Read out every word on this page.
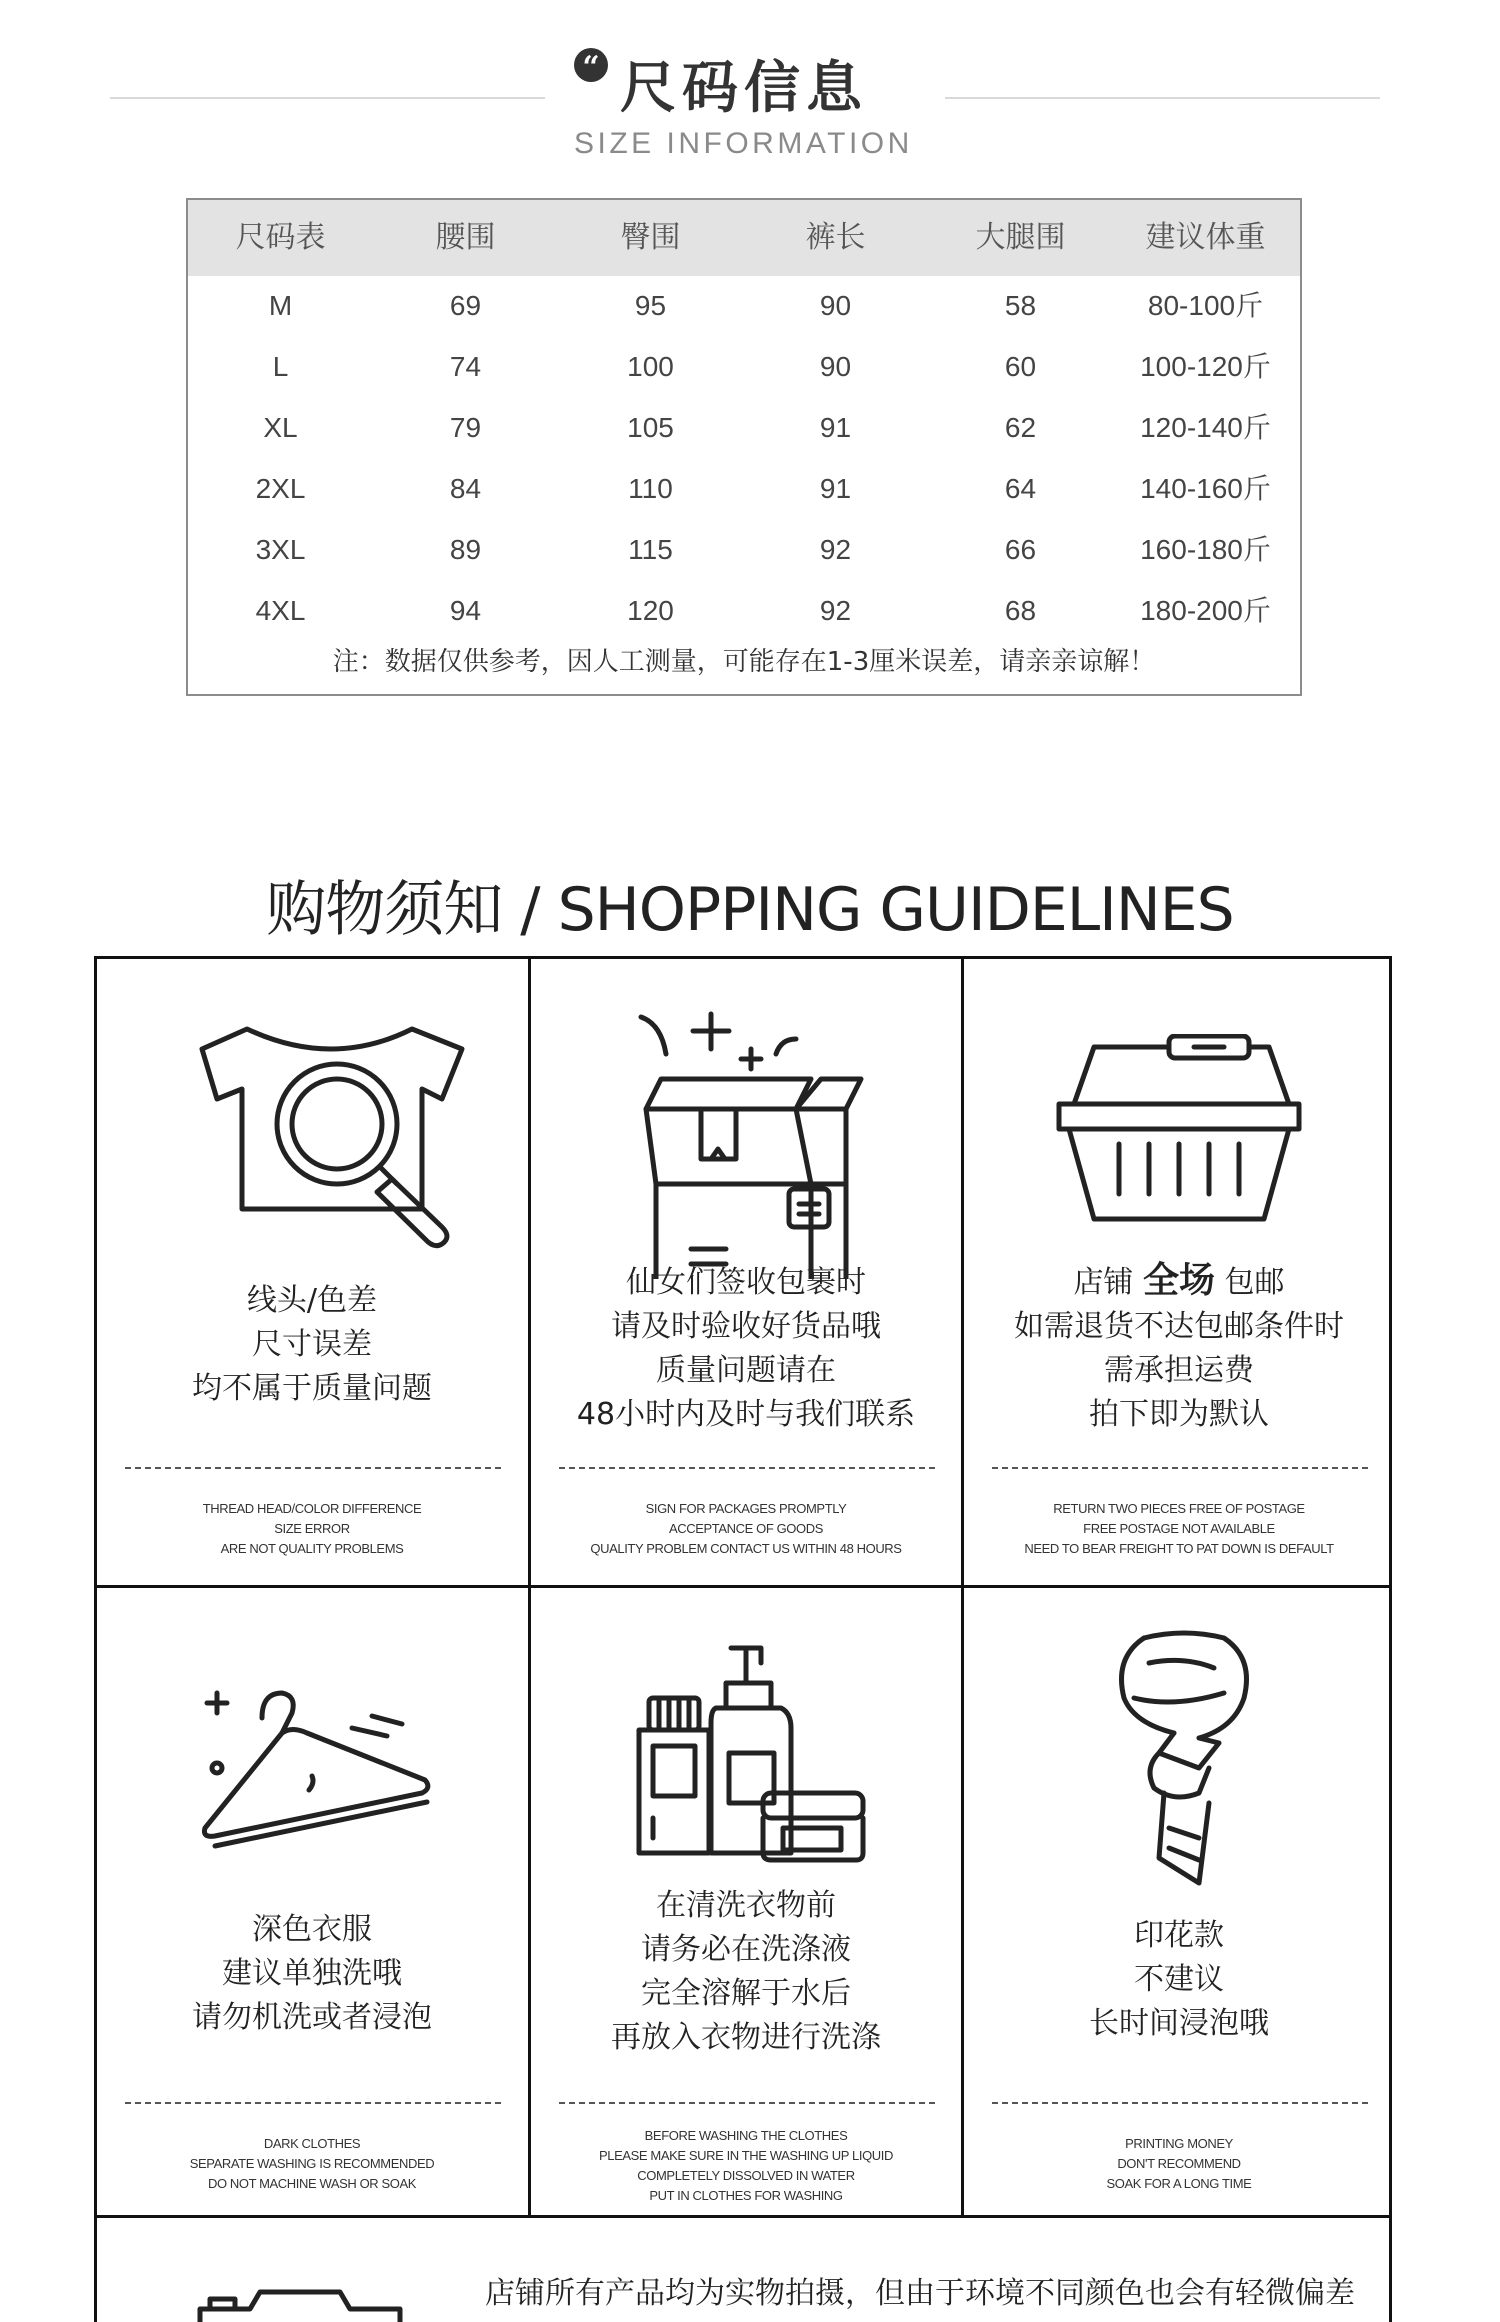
“ 尺码信息
SIZE INFORMATION
尺码表	腰围	臀围	裤长	大腿围	建议体重
M	69	95	90	58	80-100斤
L	74	100	90	60	100-120斤
XL	79	105	91	62	120-140斤
2XL	84	110	91	64	140-160斤
3XL	89	115	92	66	160-180斤
4XL	94	120	92	68	180-200斤
注：数据仅供参考，因人工测量，可能存在1-3厘米误差，请亲亲谅解！
购物须知 / SHOPPING GUIDELINES
线头/色差
尺寸误差
均不属于质量问题
THREAD HEAD/COLOR DIFFERENCE
SIZE ERROR
ARE NOT QUALITY PROBLEMS
仙女们签收包裹时
请及时验收好货品哦
质量问题请在
48小时内及时与我们联系
SIGN FOR PACKAGES PROMPTLY
ACCEPTANCE OF GOODS
QUALITY PROBLEM CONTACT US WITHIN 48 HOURS
店铺 全场 包邮
如需退货不达包邮条件时
需承担运费
拍下即为默认
RETURN TWO PIECES FREE OF POSTAGE
FREE POSTAGE NOT AVAILABLE
NEED TO BEAR FREIGHT TO PAT DOWN IS DEFAULT
深色衣服
建议单独洗哦
请勿机洗或者浸泡
DARK CLOTHES
SEPARATE WASHING IS RECOMMENDED
DO NOT MACHINE WASH OR SOAK
在清洗衣物前
请务必在洗涤液
完全溶解于水后
再放入衣物进行洗涤
BEFORE WASHING THE CLOTHES
PLEASE MAKE SURE IN THE WASHING UP LIQUID
COMPLETELY DISSOLVED IN WATER
PUT IN CLOTHES FOR WASHING
印花款
不建议
长时间浸泡哦
PRINTING MONEY
DON'T RECOMMEND
SOAK FOR A LONG TIME
店铺所有产品均为实物拍摄，但由于环境不同颜色也会有轻微偏差
